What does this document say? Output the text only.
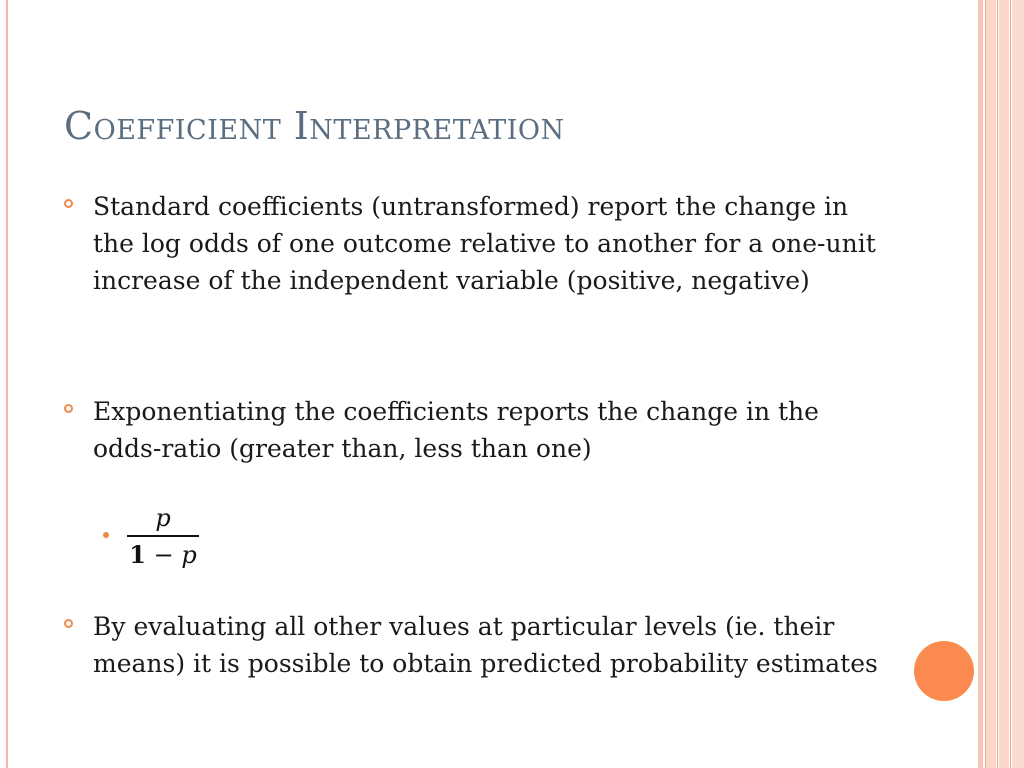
Coefficient Interpretation
Standard coefficients (untransformed) report the change in the log odds of one outcome relative to another for a one-unit increase of the independent variable (positive, negative)
Exponentiating the coefficients reports the change in the odds-ratio (greater than, less than one)
p
1 − p
By evaluating all other values at particular levels (ie. their means) it is possible to obtain predicted probability estimates
